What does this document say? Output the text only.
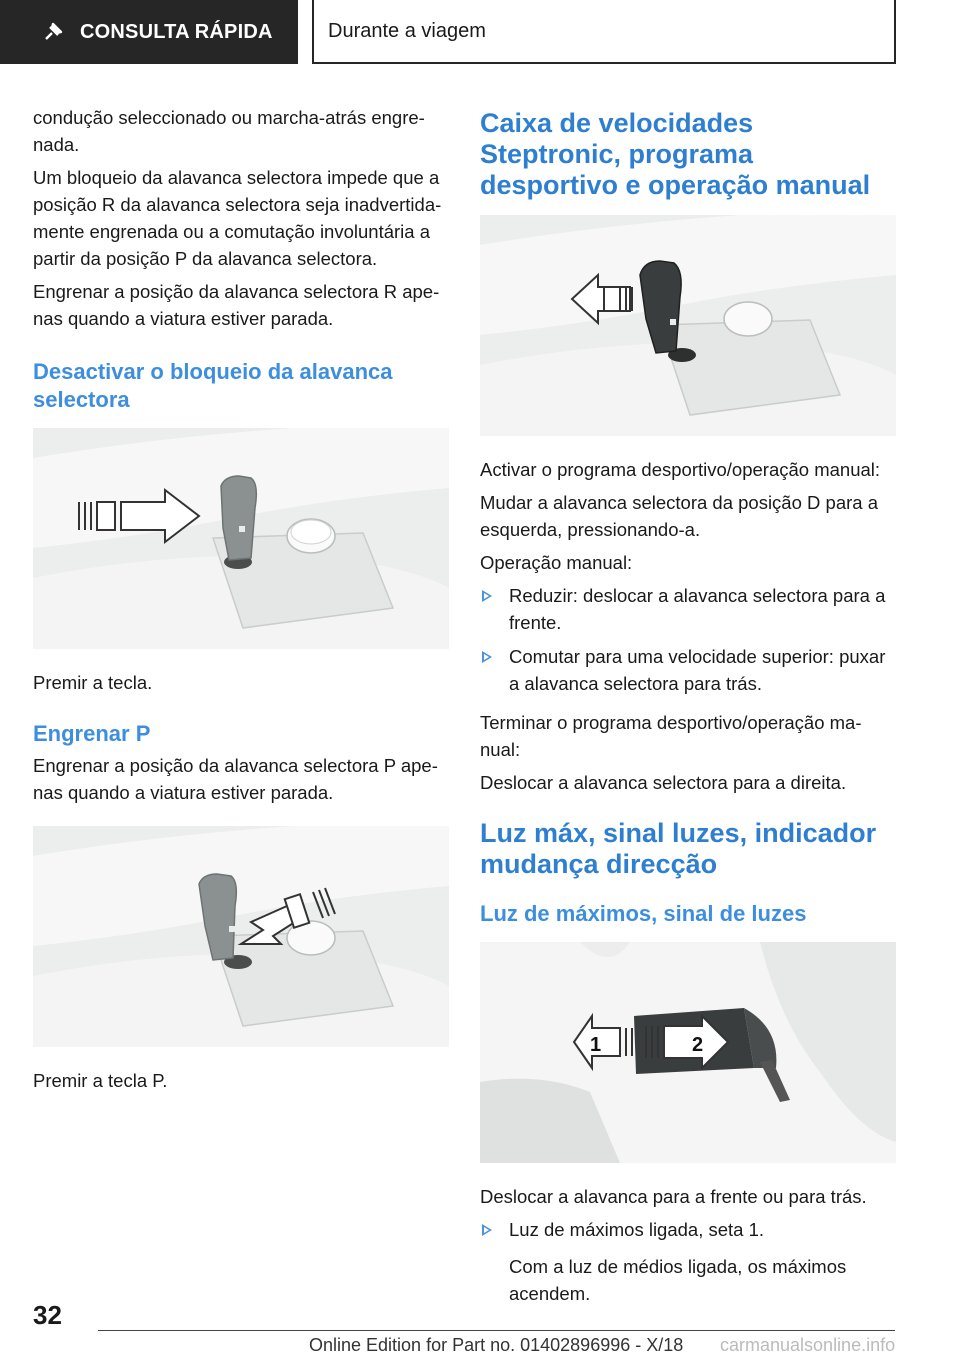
CONSULTA RÁPIDA	Durante a viagem

condução seleccionado ou marcha-atrás engre-nada.

Um bloqueio da alavanca selectora impede que a posição R da alavanca selectora seja inadvertida-mente engrenada ou a comutação involuntária a partir da posição P da alavanca selectora.

Engrenar a posição da alavanca selectora R ape-nas quando a viatura estiver parada.

Desactivar o bloqueio da alavanca selectora

Premir a tecla.

Engrenar P

Engrenar a posição da alavanca selectora P ape-nas quando a viatura estiver parada.

Premir a tecla P.

Caixa de velocidades Steptronic, programa desportivo e operação manual

Activar o programa desportivo/operação manual:

Mudar a alavanca selectora da posição D para a esquerda, pressionando-a.

Operação manual:

Reduzir: deslocar a alavanca selectora para a frente.
Comutar para uma velocidade superior: puxar a alavanca selectora para trás.

Terminar o programa desportivo/operação ma-nual:

Deslocar a alavanca selectora para a direita.

Luz máx, sinal luzes, indicador mudança direcção
Luz de máximos, sinal de luzes
1	2

Deslocar a alavanca para a frente ou para trás.

Luz de máximos ligada, seta 1.

Com a luz de médios ligada, os máximos acendem.

32
Online Edition for Part no. 01402896996 - X/18 carmanualsonline.info
